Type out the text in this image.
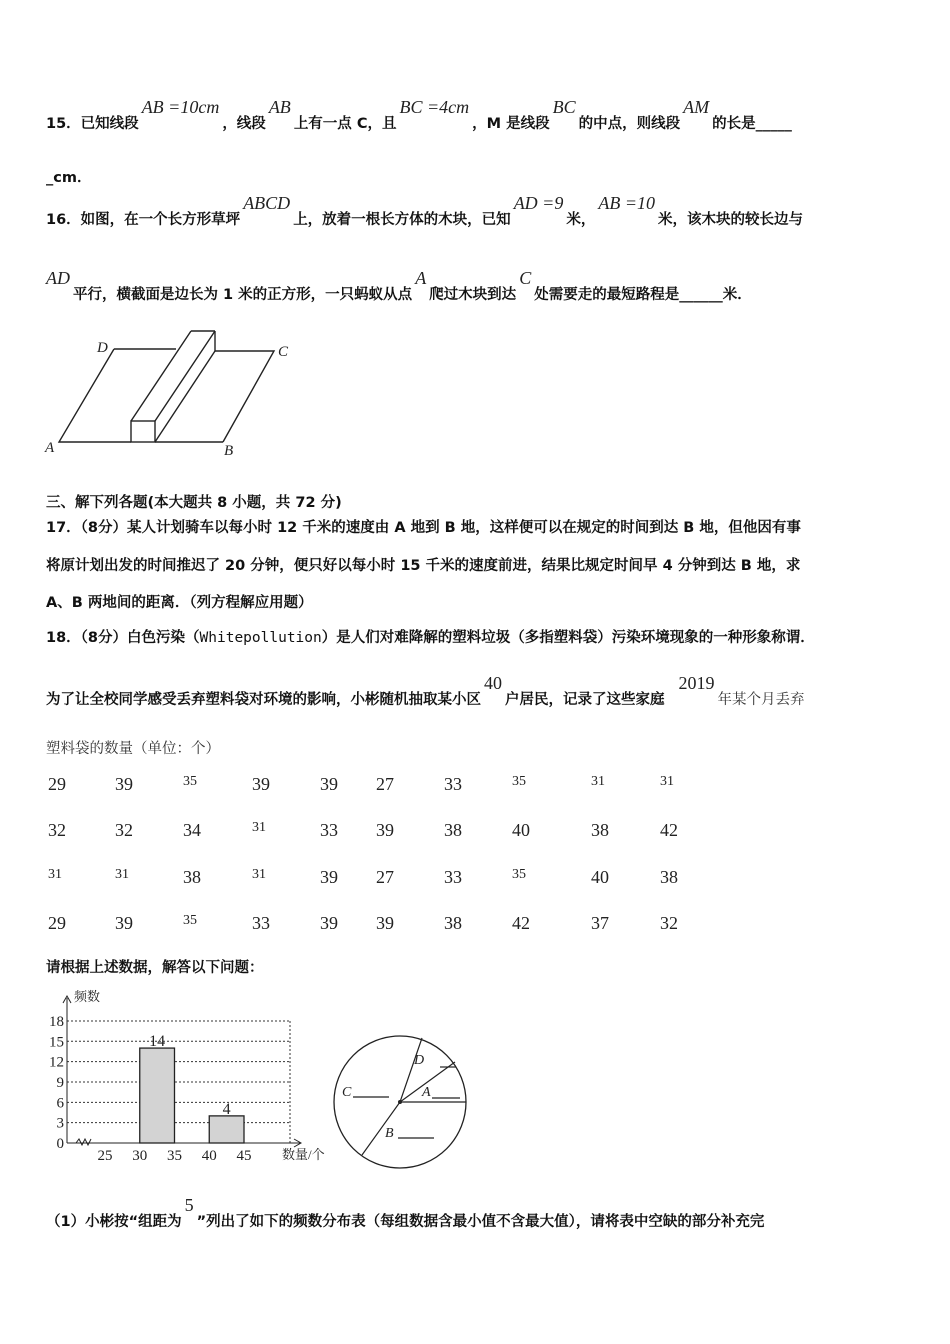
15．已知线段
AB =10cm
，线段
AB
上有一点 C，且
BC =4cm
，M 是线段
BC
的中点，则线段
AM
的长是_____
_cm．
16．如图，在一个长方形草坪
ABCD
上，放着一根长方体的木块，已知
AD =9
米，
AB =10
米，该木块的较长边与
AD
平行，横截面是边长为 1 米的正方形，一只蚂蚁从点
A
爬过木块到达
C
处需要走的最短路程是______米．
D	C
A	B
三、解下列各题(本大题共 8 小题，共 72 分)
17．（8分）某人计划骑车以每小时 12 千米的速度由 A 地到 B 地，这样便可以在规定的时间到达 B 地，但他因有事
将原计划出发的时间推迟了 20 分钟，便只好以每小时 15 千米的速度前进，结果比规定时间早 4 分钟到达 B 地，求
A、B 两地间的距离．（列方程解应用题）
18．（8分）白色污染（ Whitepollution ）是人们对难降解的塑料垃圾（多指塑料袋）污染环境现象的一种形象称谓．
为了让全校同学感受丢弃塑料袋对环境的影响，小彬随机抽取某小区
40
户居民，记录了这些家庭
2019
年某个月丢弃
塑料袋的数量（单位：个）
29	39	35	39	39 27	33	35	31	31
32	32	34	31	33 39	38	40	38	42
31	31	38	31	39 27	33	35	40	38
29	39	35	33	39 39	38	42	37	32
请根据上述数据，解答以下问题：
0
3
6
9
12
15
18
频数
数量/个
25 30 35 40 45
14
4
D
A
C
B
（1）小彬按“组距为
5
”列出了如下的频数分布表（每组数据含最小值不含最大值），请将表中空缺的部分补充完
